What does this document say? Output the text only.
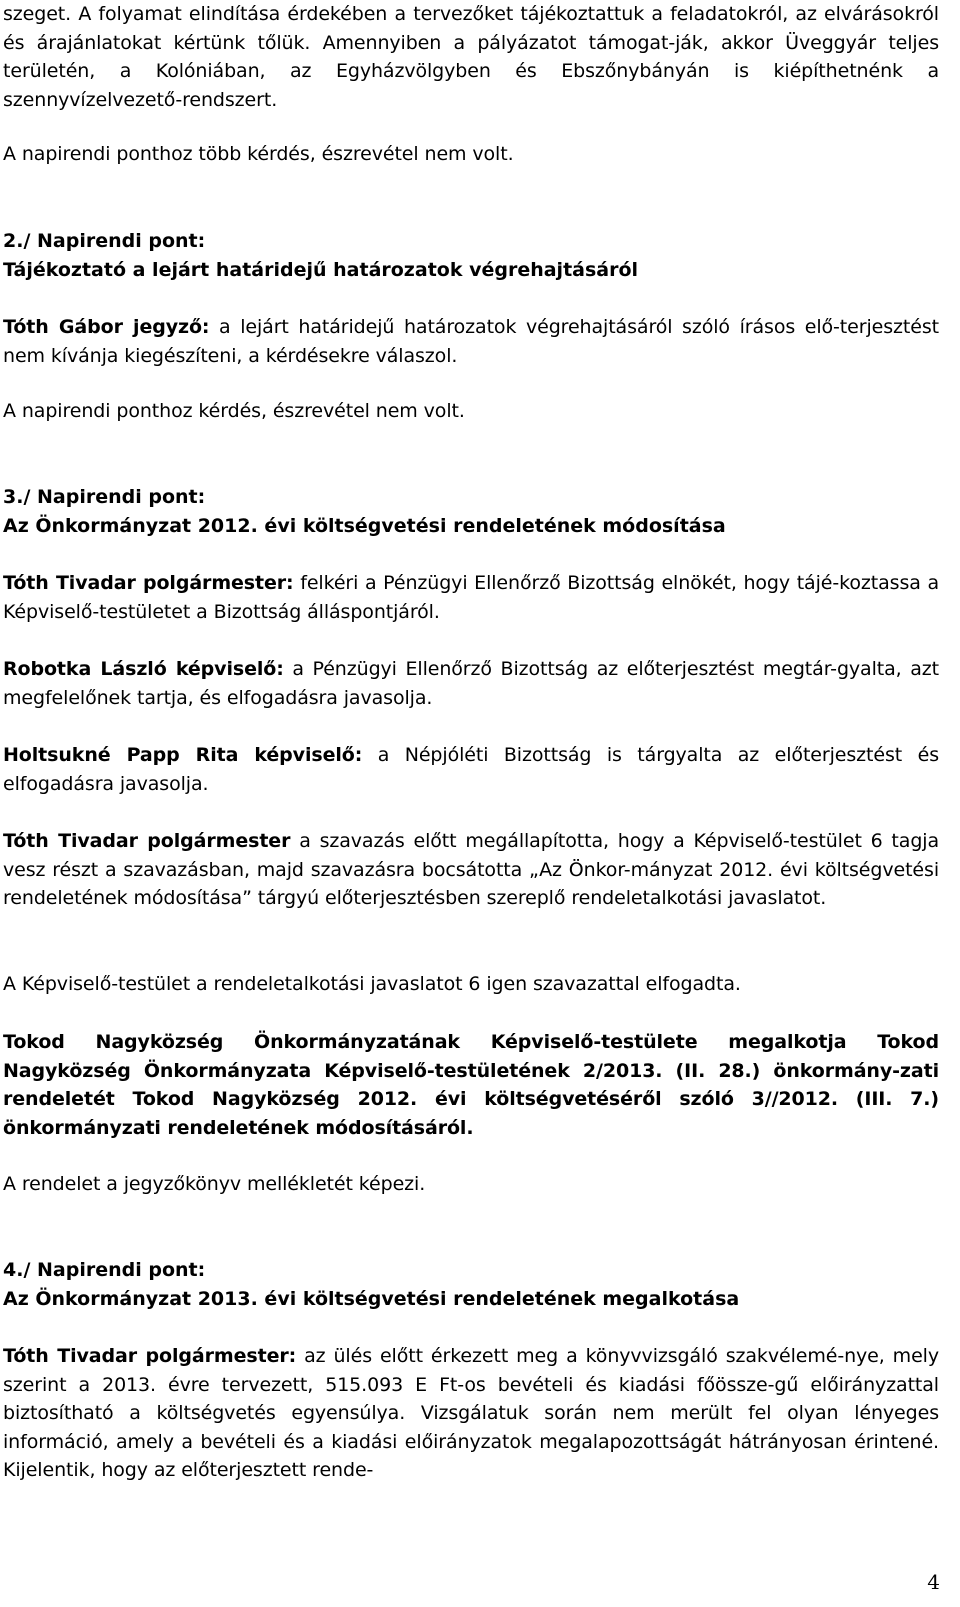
szeget. A folyamat elindítása érdekében a tervezőket tájékoztattuk a feladatokról, az elvárásokról és árajánlatokat kértünk tőlük. Amennyiben a pályázatot támogat-ják, akkor Üveggyár teljes területén, a Kolóniában, az Egyházvölgyben és Ebszőnybányán is kiépíthetnénk a szennyvízelvezető-rendszert.

A napirendi ponthoz több kérdés, észrevétel nem volt.

2./ Napirendi pont:
Tájékoztató a lejárt határidejű határozatok végrehajtásáról

Tóth Gábor jegyző: a lejárt határidejű határozatok végrehajtásáról szóló írásos elő-terjesztést nem kívánja kiegészíteni, a kérdésekre válaszol.

A napirendi ponthoz kérdés, észrevétel nem volt.

3./ Napirendi pont:
Az Önkormányzat 2012. évi költségvetési rendeletének módosítása

Tóth Tivadar polgármester: felkéri a Pénzügyi Ellenőrző Bizottság elnökét, hogy tájé-koztassa a Képviselő-testületet a Bizottság álláspontjáról.

Robotka László képviselő: a Pénzügyi Ellenőrző Bizottság az előterjesztést megtár-gyalta, azt megfelelőnek tartja, és elfogadásra javasolja.

Holtsukné Papp Rita képviselő: a Népjóléti Bizottság is tárgyalta az előterjesztést és elfogadásra javasolja.

Tóth Tivadar polgármester a szavazás előtt megállapította, hogy a Képviselő-testület 6 tagja vesz részt a szavazásban, majd szavazásra bocsátotta „Az Önkor-mányzat 2012. évi költségvetési rendeletének módosítása” tárgyú előterjesztésben szereplő rendeletalkotási javaslatot.

A Képviselő-testület a rendeletalkotási javaslatot 6 igen szavazattal elfogadta.

Tokod Nagyközség Önkormányzatának Képviselő-testülete megalkotja Tokod Nagyközség Önkormányzata Képviselő-testületének 2/2013. (II. 28.) önkormány-zati rendeletét Tokod Nagyközség 2012. évi költségvetéséről szóló 3//2012. (III. 7.) önkormányzati rendeletének módosításáról.

A rendelet a jegyzőkönyv mellékletét képezi.

4./ Napirendi pont:
Az Önkormányzat 2013. évi költségvetési rendeletének megalkotása

Tóth Tivadar polgármester: az ülés előtt érkezett meg a könyvvizsgáló szakvélemé-nye, mely szerint a 2013. évre tervezett, 515.093 E Ft-os bevételi és kiadási főössze-gű előirányzattal biztosítható a költségvetés egyensúlya. Vizsgálatuk során nem merült fel olyan lényeges információ, amely a bevételi és a kiadási előirányzatok megalapozottságát hátrányosan érintené. Kijelentik, hogy az előterjesztett rende-

4
